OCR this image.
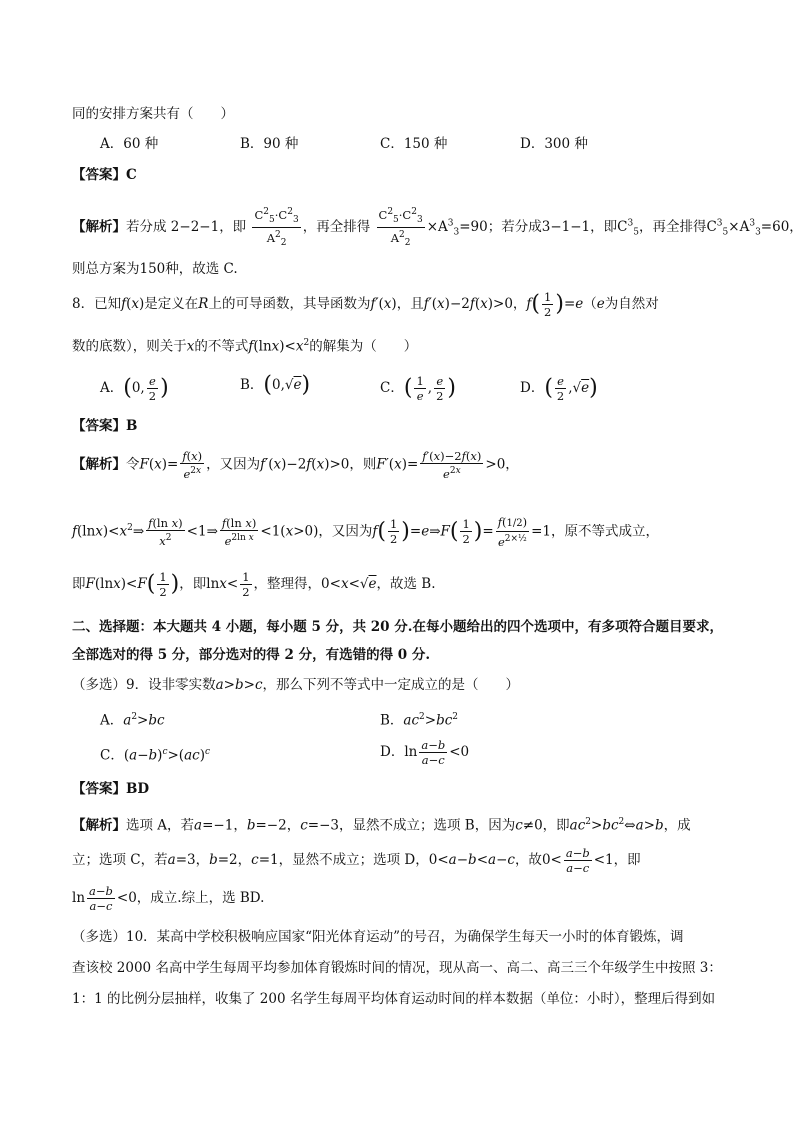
同的安排方案共有（　　）
A．60 种	B．90 种	C．150 种	D．300 种
【答案】C
【解析】若分成 2−2−1，即 $\frac{C^2_5\cdot C^2_3}{A^2_2}$ ，再全排得 $\frac{C^2_5\cdot C^2_3}{A^2_2} \times A^3_3=90$；若分成3−1−1，即$C^3_5$，再全排得$C^3_5\times A^3_3=60$，
则总方案为150种，故选 C.
8．已知f(x)是定义在R上的可导函数，其导函数为f′(x)，且f′(x)−2f(x)>0，$f( \frac{1}{2} )=e(e$为自然对
数的底数），则关于x的不等式$f(\ln x)<x^2$的解集为（　　）
A．(0, $\frac{e}{2}$ )	B．(0,√e)	C．( $\frac{1}{e}$ , $\frac{e}{2}$ )	D．( $\frac{e}{2} ,√e$)
【答案】B
【解析】令$F(x)= \frac{f(x)}{e^{2x}}$ ，又因为f′(x)−2f(x)>0，则$F'(x)= \frac{f'(x)-2f(x)}{e^{2x}} >0$，
$f(\ln x)<x^2\Rightarrow \frac{\text{f(ln x)}}{x^2}$ <1⇒ $\frac{\text{f(ln x)}}{e^{2ln x}} <1(x>0)$，又因为$f( \frac{1}{2}$ )=e⇒F( $\frac{1}{2}$ )= $\frac{f(1/2)}{e^{2\times\frac{1}{2}}} =1$，原不等式成立，
即$F(\ln x)<F( \frac{1}{2}$ )，即$\ln x< \frac{1}{2}$ ，整理得，0<x<√e，故选 B.
二、选择题：本大题共 4 小题，每小题 5 分，共 20 分.在每小题给出的四个选项中，有多项符合题目要求，
全部选对的得 5 分，部分选对的得 2 分，有选错的得 0 分.
（多选）9．设非零实数a>b>c，那么下列不等式中一定成立的是（　　）
A．$a^2>bc$	B．$ac^2>bc^2$
C．$(a-b)^c>(ac)^c$	D．$\ln \frac{a-b}{a-c} <0$
【答案】BD
【解析】选项 A，若a=−1，b=−2，c=−3，显然不成立；选项 B，因为c≠0，即$ac^2>bc^2\Leftrightarrow a>b$，成
立；选项 C，若a=3，b=2，c=1，显然不成立；选项 D，0<a−b<a−c，故$0< \frac{a-b}{a-c} <1$，即
$\ln \frac{a-b}{a-c} <0$，成立.综上，选 BD.
（多选）10．某高中学校积极响应国家“阳光体育运动”的号召，为确保学生每天一小时的体育锻炼，调
查该校 2000 名高中学生每周平均参加体育锻炼时间的情况，现从高一、高二、高三三个年级学生中按照 3：
1：1 的比例分层抽样，收集了 200 名学生每周平均体育运动时间的样本数据（单位：小时），整理后得到如
